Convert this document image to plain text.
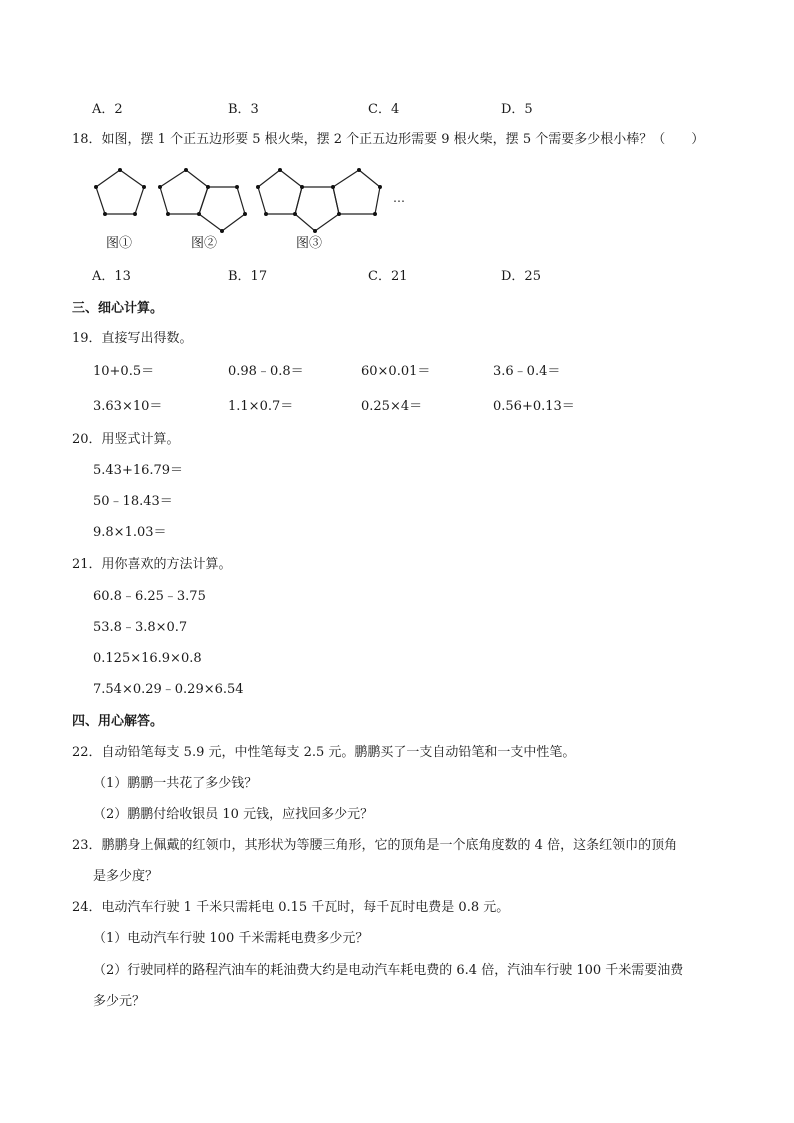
A．2	B．3	C．4	D．5
18．如图，摆 1 个正五边形要 5 根火柴，摆 2 个正五边形需要 9 根火柴，摆 5 个需要多少根小棒？（　　）
…
图①	图②	图③
A．13	B．17	C．21	D．25
三、细心计算。
19．直接写出得数。
10+0.5＝	0.98﹣0.8＝	60×0.01＝	3.6﹣0.4＝
3.63×10＝	1.1×0.7＝	0.25×4＝	0.56+0.13＝
20．用竖式计算。
5.43+16.79＝
50﹣18.43＝
9.8×1.03＝
21．用你喜欢的方法计算。
60.8﹣6.25﹣3.75
53.8﹣3.8×0.7
0.125×16.9×0.8
7.54×0.29﹣0.29×6.54
四、用心解答。
22．自动铅笔每支 5.9 元，中性笔每支 2.5 元。鹏鹏买了一支自动铅笔和一支中性笔。
（1）鹏鹏一共花了多少钱？
（2）鹏鹏付给收银员 10 元钱，应找回多少元？
23．鹏鹏身上佩戴的红领巾，其形状为等腰三角形，它的顶角是一个底角度数的 4 倍，这条红领巾的顶角
是多少度？
24．电动汽车行驶 1 千米只需耗电 0.15 千瓦时，每千瓦时电费是 0.8 元。
（1）电动汽车行驶 100 千米需耗电费多少元？
（2）行驶同样的路程汽油车的耗油费大约是电动汽车耗电费的 6.4 倍，汽油车行驶 100 千米需要油费
多少元？
